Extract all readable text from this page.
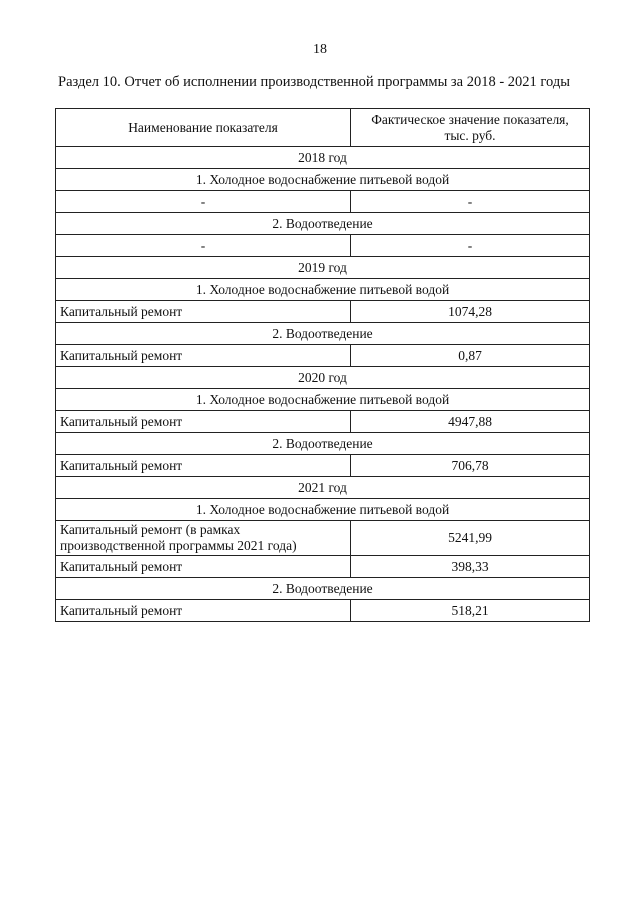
18
Раздел 10. Отчет об исполнении производственной программы за 2018 - 2021 годы
Наименование показателя	Фактическое значение показателя,
тыс. руб.
2018 год	
1. Холодное водоснабжение питьевой водой	
-	-
2. Водоотведение	
-	-
2019 год	
1. Холодное водоснабжение питьевой водой	
Капитальный ремонт	1074,28
2. Водоотведение	
Капитальный ремонт	0,87
2020 год	
1. Холодное водоснабжение питьевой водой	
Капитальный ремонт	4947,88
2. Водоотведение	
Капитальный ремонт	706,78
2021 год	
1. Холодное водоснабжение питьевой водой	
Капитальный ремонт (в рамках
производственной программы 2021 года)	5241,99
Капитальный ремонт	398,33
2. Водоотведение	
Капитальный ремонт	518,21
